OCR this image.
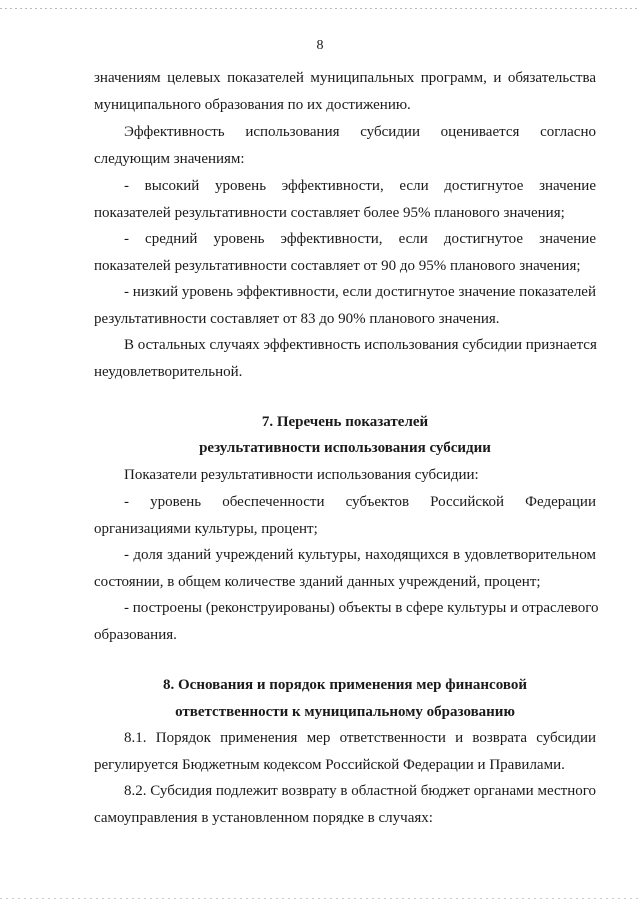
8
значениям целевых показателей муниципальных программ, и обязательства
муниципального образования по их достижению.
Эффективность использования субсидии оценивается согласно
следующим значениям:
- высокий уровень эффективности, если достигнутое значение
показателей результативности составляет более 95% планового значения;
- средний уровень эффективности, если достигнутое значение
показателей результативности составляет от 90 до 95% планового значения;
- низкий уровень эффективности, если достигнутое значение показателей
результативности составляет от 83 до 90% планового значения.
В остальных случаях эффективность использования субсидии признается
неудовлетворительной.
7. Перечень показателей
результативности использования субсидии
Показатели результативности использования субсидии:
- уровень обеспеченности субъектов Российской Федерации
организациями культуры, процент;
- доля зданий учреждений культуры, находящихся в удовлетворительном
состоянии, в общем количестве зданий данных учреждений, процент;
- построены (реконструированы) объекты в сфере культуры и отраслевого
образования.
8. Основания и порядок применения мер финансовой
ответственности к муниципальному образованию
8.1. Порядок применения мер ответственности и возврата субсидии
регулируется Бюджетным кодексом Российской Федерации и Правилами.
8.2. Субсидия подлежит возврату в областной бюджет органами местного
самоуправления в установленном порядке в случаях:
